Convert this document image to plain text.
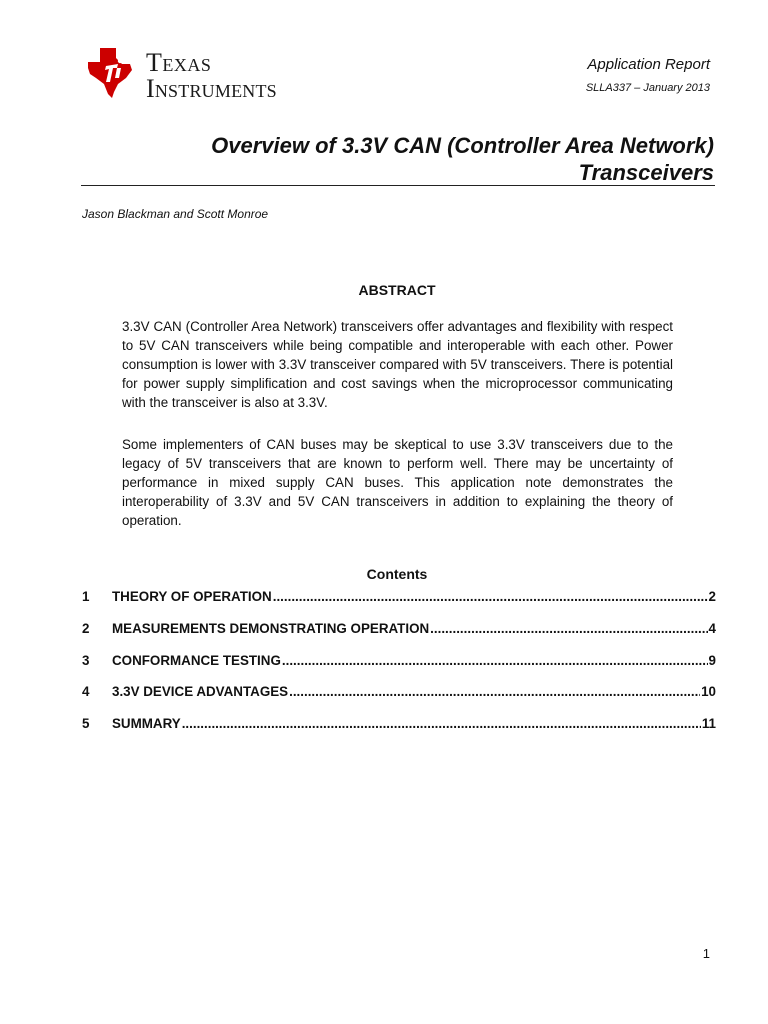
Texas
Instruments
Application Report
SLLA337 – January 2013
Overview of 3.3V CAN (Controller Area Network)
Transceivers
Jason Blackman and Scott Monroe
ABSTRACT
3.3V CAN (Controller Area Network) transceivers offer advantages and flexibility with respect to 5V CAN transceivers while being compatible and interoperable with each other. Power consumption is lower with 3.3V transceiver compared with 5V transceivers. There is potential for power supply simplification and cost savings when the microprocessor communicating with the transceiver is also at 3.3V.
Some implementers of CAN buses may be skeptical to use 3.3V transceivers due to the legacy of 5V transceivers that are known to perform well. There may be uncertainty of performance in mixed supply CAN buses. This application note demonstrates the interoperability of 3.3V and 5V CAN transceivers in addition to explaining the theory of operation.
Contents
1 THEORY OF OPERATION .....	2
2 MEASUREMENTS DEMONSTRATING OPERATION .....	4
3 CONFORMANCE TESTING .....	9
4 3.3V DEVICE ADVANTAGES .....	10
5 SUMMARY .....	11
1
